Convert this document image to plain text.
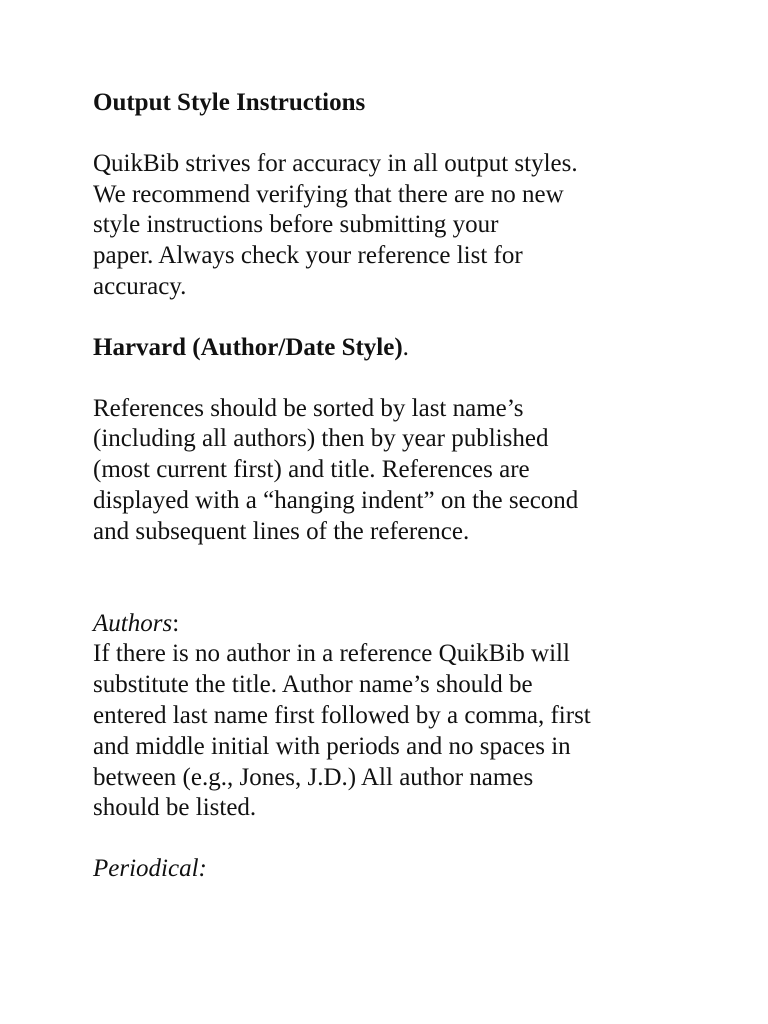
Output Style Instructions

QuikBib strives for accuracy in all output styles.
We recommend verifying that there are no new
style instructions before submitting your
paper. Always check your reference list for
accuracy.

Harvard (Author/Date Style).

References should be sorted by last name’s
(including all authors) then by year published
(most current first) and title. References are
displayed with a “hanging indent” on the second
and subsequent lines of the reference.

Authors:

If there is no author in a reference QuikBib will
substitute the title. Author name’s should be
entered last name first followed by a comma, first
and middle initial with periods and no spaces in
between (e.g., Jones, J.D.) All author names
should be listed.

Periodical:
